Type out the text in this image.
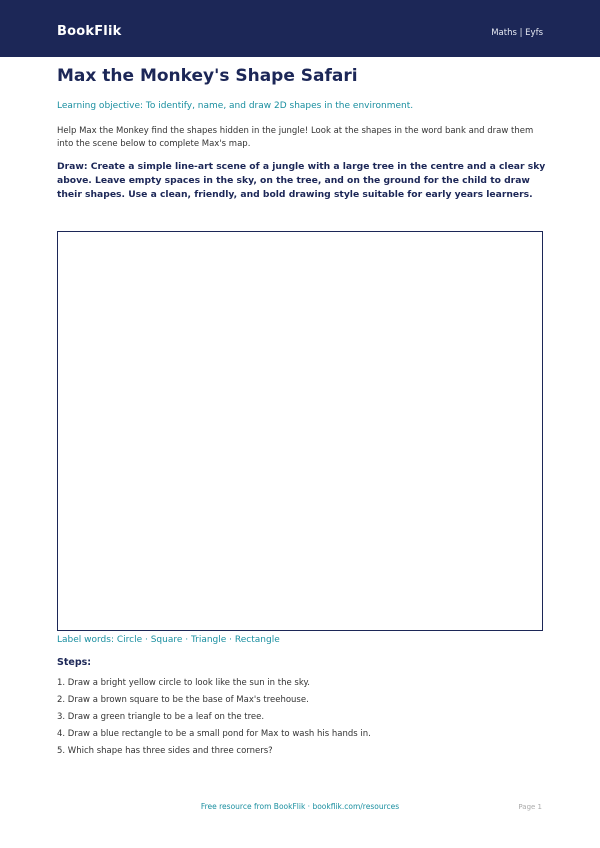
BookFlik	Maths | Eyfs
Max the Monkey's Shape Safari

Learning objective: To identify, name, and draw 2D shapes in the environment.

Help Max the Monkey find the shapes hidden in the jungle! Look at the shapes in the word bank and draw them into the scene below to complete Max's map.

Draw: Create a simple line-art scene of a jungle with a large tree in the centre and a clear sky above. Leave empty spaces in the sky, on the tree, and on the ground for the child to draw their shapes. Use a clean, friendly, and bold drawing style suitable for early years learners.

Label words: Circle · Square · Triangle · Rectangle

Steps:

1. Draw a bright yellow circle to look like the sun in the sky.
2. Draw a brown square to be the base of Max's treehouse.
3. Draw a green triangle to be a leaf on the tree.
4. Draw a blue rectangle to be a small pond for Max to wash his hands in.
5. Which shape has three sides and three corners?

Free resource from BookFlik · bookflik.com/resources	Page 1
